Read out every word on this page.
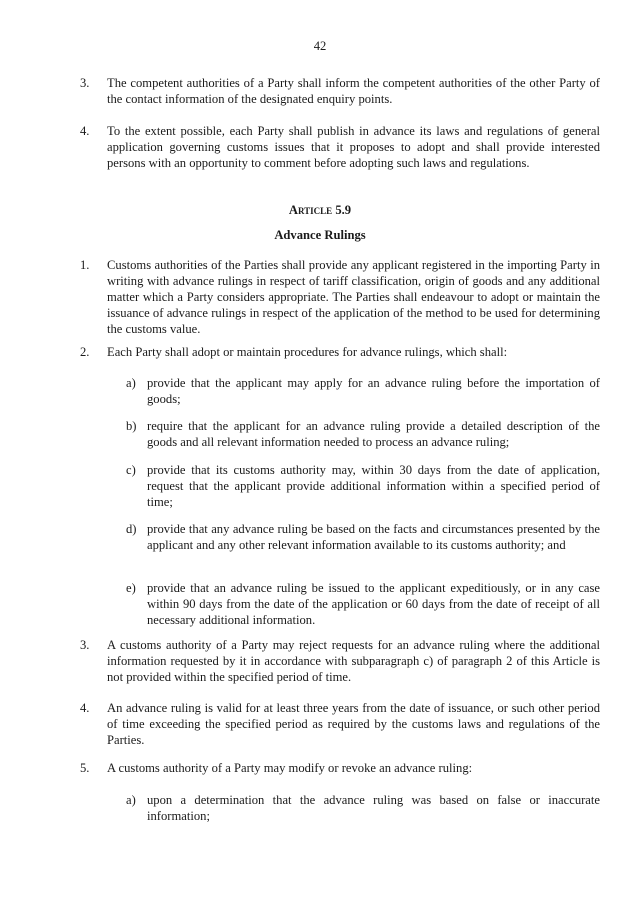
42
3.	The competent authorities of a Party shall inform the competent authorities of the other Party of the contact information of the designated enquiry points.
4.	To the extent possible, each Party shall publish in advance its laws and regulations of general application governing customs issues that it proposes to adopt and shall provide interested persons with an opportunity to comment before adopting such laws and regulations.
Article 5.9
Advance Rulings
1.	Customs authorities of the Parties shall provide any applicant registered in the importing Party in writing with advance rulings in respect of tariff classification, origin of goods and any additional matter which a Party considers appropriate. The Parties shall endeavour to adopt or maintain the issuance of advance rulings in respect of the application of the method to be used for determining the customs value.
2.	Each Party shall adopt or maintain procedures for advance rulings, which shall:
a) provide that the applicant may apply for an advance ruling before the importation of goods;
b) require that the applicant for an advance ruling provide a detailed description of the goods and all relevant information needed to process an advance ruling;
c) provide that its customs authority may, within 30 days from the date of application, request that the applicant provide additional information within a specified period of time;
d) provide that any advance ruling be based on the facts and circumstances presented by the applicant and any other relevant information available to its customs authority; and
e) provide that an advance ruling be issued to the applicant expeditiously, or in any case within 90 days from the date of the application or 60 days from the date of receipt of all necessary additional information.
3.	A customs authority of a Party may reject requests for an advance ruling where the additional information requested by it in accordance with subparagraph c) of paragraph 2 of this Article is not provided within the specified period of time.
4.	An advance ruling is valid for at least three years from the date of issuance, or such other period of time exceeding the specified period as required by the customs laws and regulations of the Parties.
5.	A customs authority of a Party may modify or revoke an advance ruling:
a) upon a determination that the advance ruling was based on false or inaccurate information;
